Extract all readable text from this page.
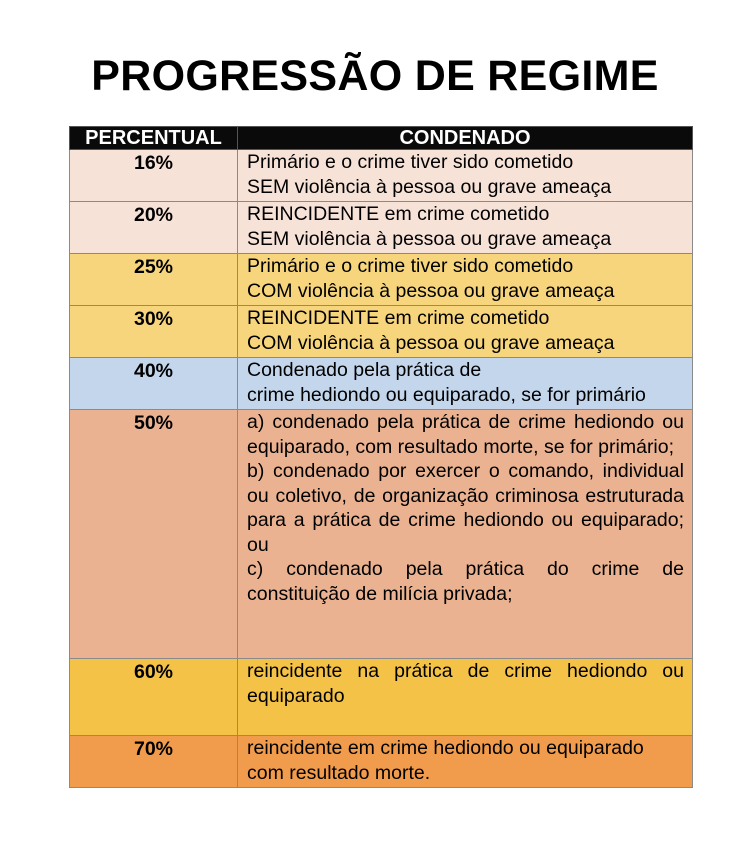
PROGRESSÃO DE REGIME
PERCENTUAL	CONDENADO
16%	Primário e o crime tiver sido cometido
SEM violência à pessoa ou grave ameaça

20%	REINCIDENTE em crime cometido
SEM violência à pessoa ou grave ameaça

25%	Primário e o crime tiver sido cometido
COM violência à pessoa ou grave ameaça

30%	REINCIDENTE em crime cometido
COM violência à pessoa ou grave ameaça

40%	Condenado pela prática de
crime hediondo ou equiparado, se for primário

50%	a) condenado pela prática de crime hediondo ou equiparado, com resultado morte, se for primário;
b) condenado por exercer o comando, individual ou coletivo, de organização criminosa estruturada para a prática de crime hediondo ou equiparado; ou
c) condenado pela prática do crime de constituição de milícia privada;

60%	reincidente na prática de crime hediondo ou equiparado

70%	reincidente em crime hediondo ou equiparado
com resultado morte.
